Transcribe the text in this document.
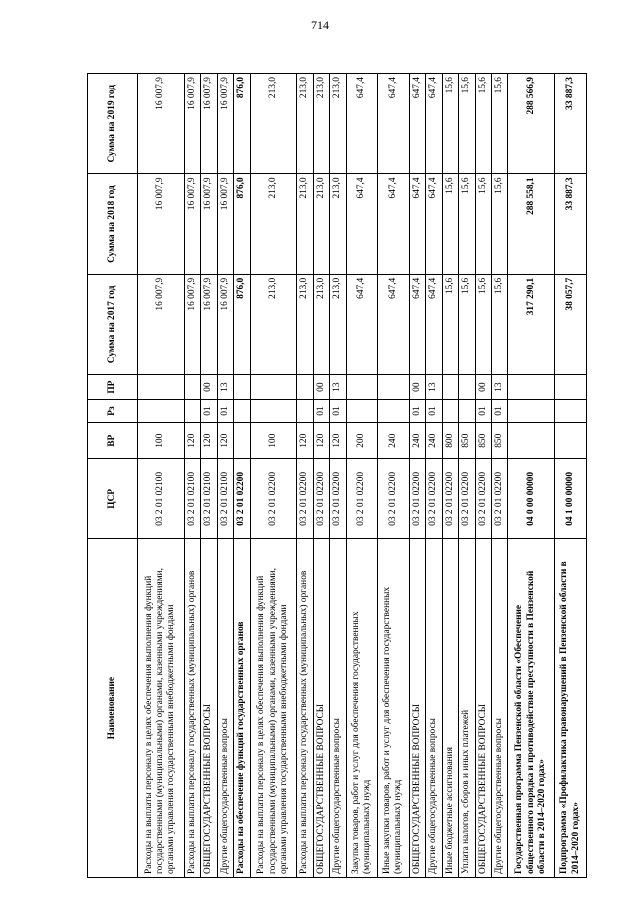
714
Наименование	ЦСР	ВР	Рз	ПР	Сумма на 2017 год	Сумма на 2018 год	Сумма на 2019 год
Расходы на выплаты персоналу в целях обеспечения выполнения функций государственными (муниципальными) органами, казенными учреждениями, органами управления государственными внебюджетными фондами	03 2 01 02100	100			16 007,9	16 007,9	16 007,9
Расходы на выплаты персоналу государственных (муниципальных) органов	03 2 01 02100	120			16 007,9	16 007,9	16 007,9
ОБЩЕГОСУДАРСТВЕННЫЕ ВОПРОСЫ	03 2 01 02100	120	01	00	16 007,9	16 007,9	16 007,9
Другие общегосударственные вопросы	03 2 01 02100	120	01	13	16 007,9	16 007,9	16 007,9
Расходы на обеспечение функций государственных органов	03 2 01 02200				876,0	876,0	876,0
Расходы на выплаты персоналу в целях обеспечения выполнения функций государственными (муниципальными) органами, казенными учреждениями, органами управления государственными внебюджетными фондами	03 2 01 02200	100			213,0	213,0	213,0
Расходы на выплаты персоналу государственных (муниципальных) органов	03 2 01 02200	120			213,0	213,0	213,0
ОБЩЕГОСУДАРСТВЕННЫЕ ВОПРОСЫ	03 2 01 02200	120	01	00	213,0	213,0	213,0
Другие общегосударственные вопросы	03 2 01 02200	120	01	13	213,0	213,0	213,0
Закупка товаров, работ и услуг для обеспечения государственных (муниципальных) нужд	03 2 01 02200	200			647,4	647,4	647,4
Иные закупки товаров, работ и услуг для обеспечения государственных (муниципальных) нужд	03 2 01 02200	240			647,4	647,4	647,4
ОБЩЕГОСУДАРСТВЕННЫЕ ВОПРОСЫ	03 2 01 02200	240	01	00	647,4	647,4	647,4
Другие общегосударственные вопросы	03 2 01 02200	240	01	13	647,4	647,4	647,4
Иные бюджетные ассигнования	03 2 01 02200	800			15,6	15,6	15,6
Уплата налогов, сборов и иных платежей	03 2 01 02200	850			15,6	15,6	15,6
ОБЩЕГОСУДАРСТВЕННЫЕ ВОПРОСЫ	03 2 01 02200	850	01	00	15,6	15,6	15,6
Другие общегосударственные вопросы	03 2 01 02200	850	01	13	15,6	15,6	15,6
Государственная программа Пензенской области «Обеспечение общественного порядка и противодействие преступности в Пензенской области в 2014–2020 годах»	04 0 00 00000				317 290,1	288 558,1	288 566,9
Подпрограмма «Профилактика правонарушений в Пензенской области в 2014–2020 годах»	04 1 00 00000				38 057,7	33 887,3	33 887,3
